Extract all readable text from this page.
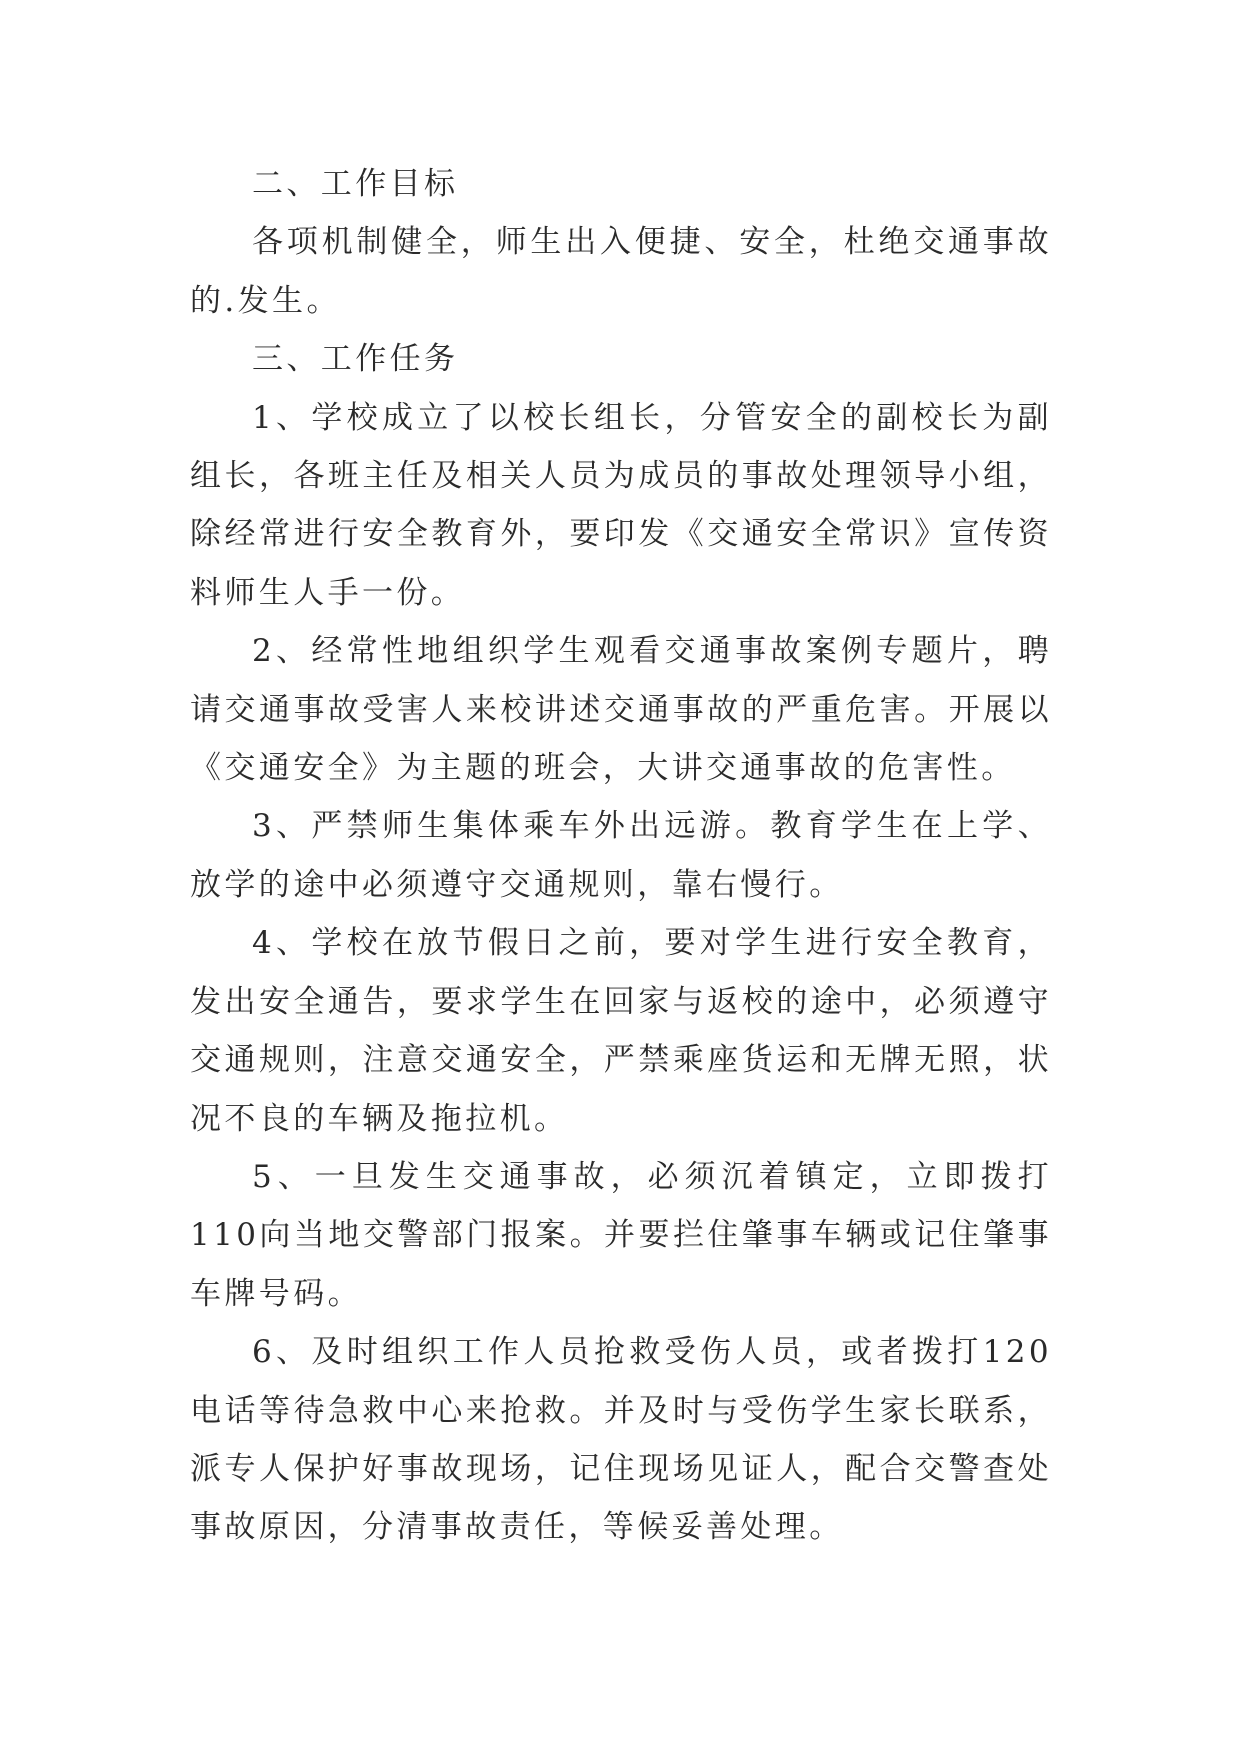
二、工作目标

各项机制健全，师生出入便捷、安全，杜绝交通事故的.发生。

三、工作任务

1、学校成立了以校长组长，分管安全的副校长为副组长，各班主任及相关人员为成员的事故处理领导小组，除经常进行安全教育外，要印发《交通安全常识》宣传资料师生人手一份。

2、经常性地组织学生观看交通事故案例专题片，聘请交通事故受害人来校讲述交通事故的严重危害。开展以《交通安全》为主题的班会，大讲交通事故的危害性。

3、严禁师生集体乘车外出远游。教育学生在上学、放学的途中必须遵守交通规则，靠右慢行。

4、学校在放节假日之前，要对学生进行安全教育，发出安全通告，要求学生在回家与返校的途中，必须遵守交通规则，注意交通安全，严禁乘座货运和无牌无照，状况不良的车辆及拖拉机。

5、一旦发生交通事故，必须沉着镇定，立即拨打110向当地交警部门报案。并要拦住肇事车辆或记住肇事车牌号码。

6、及时组织工作人员抢救受伤人员，或者拨打120电话等待急救中心来抢救。并及时与受伤学生家长联系，派专人保护好事故现场，记住现场见证人，配合交警查处事故原因，分清事故责任，等候妥善处理。
